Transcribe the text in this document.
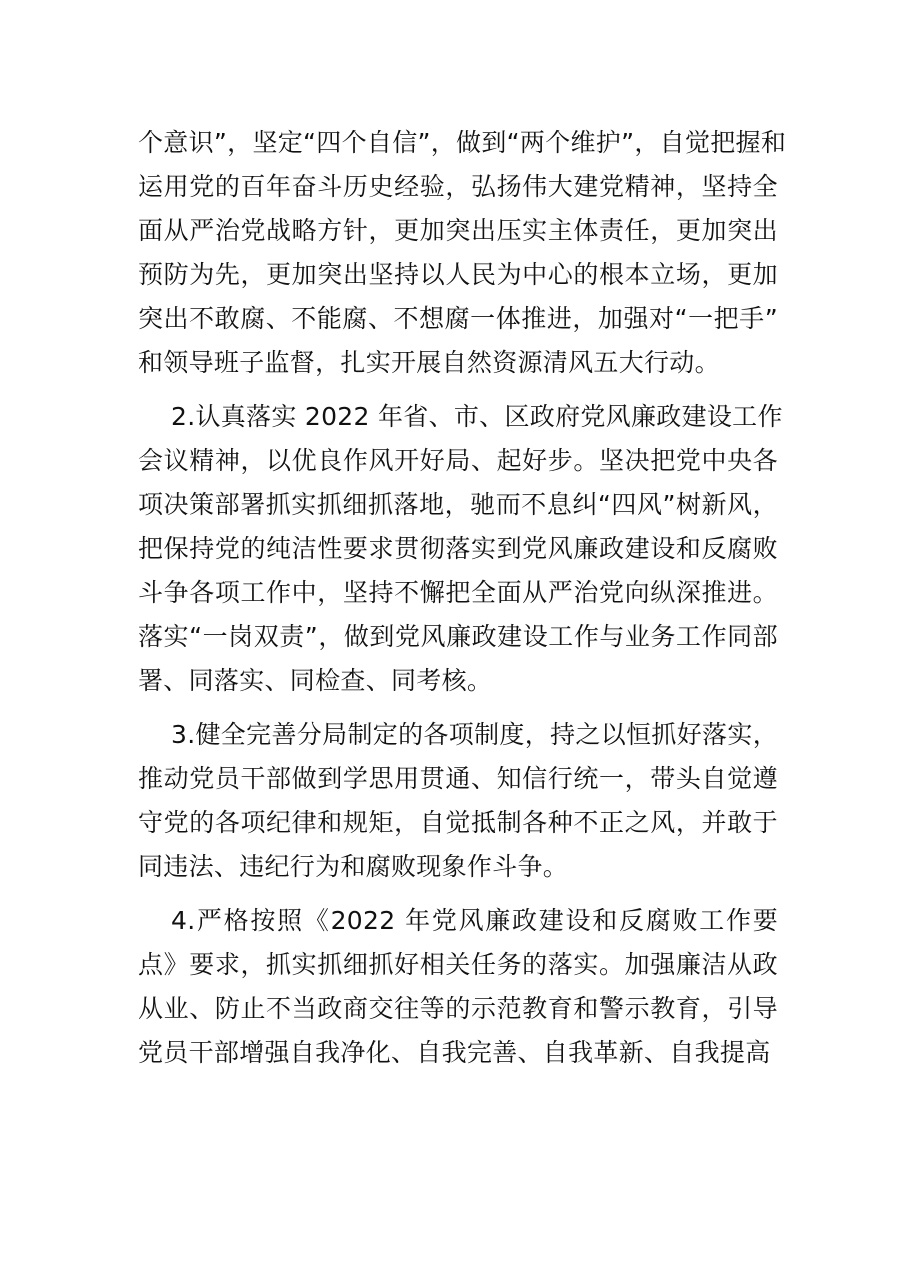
个意识”，坚定“四个自信”，做到“两个维护”，自觉把握和
运用党的百年奋斗历史经验，弘扬伟大建党精神，坚持全
面从严治党战略方针，更加突出压实主体责任，更加突出
预防为先，更加突出坚持以人民为中心的根本立场，更加
突出不敢腐、不能腐、不想腐一体推进，加强对“一把手”
和领导班子监督，扎实开展自然资源清风五大行动。
2.认真落实 2022 年省、市、区政府党风廉政建设工作
会议精神，以优良作风开好局、起好步。坚决把党中央各
项决策部署抓实抓细抓落地，驰而不息纠“四风”树新风，
把保持党的纯洁性要求贯彻落实到党风廉政建设和反腐败
斗争各项工作中，坚持不懈把全面从严治党向纵深推进。
落实“一岗双责”，做到党风廉政建设工作与业务工作同部
署、同落实、同检查、同考核。
3.健全完善分局制定的各项制度，持之以恒抓好落实，
推动党员干部做到学思用贯通、知信行统一，带头自觉遵
守党的各项纪律和规矩，自觉抵制各种不正之风，并敢于
同违法、违纪行为和腐败现象作斗争。
4.严格按照《2022 年党风廉政建设和反腐败工作要
点》要求，抓实抓细抓好相关任务的落实。加强廉洁从政
从业、防止不当政商交往等的示范教育和警示教育，引导
党员干部增强自我净化、自我完善、自我革新、自我提高
